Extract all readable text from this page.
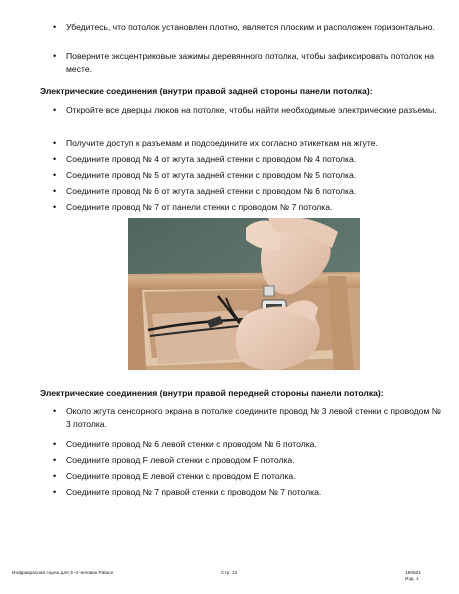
• Убедитесь, что потолок установлен плотно, является плоским и расположен горизонтально.
• Поверните эксцентриковые зажимы деревянного потолка, чтобы зафиксировать потолок на месте.
Электрические соединения (внутри правой задней стороны панели потолка):
• Откройте все дверцы люков на потолке, чтобы найти необходимые электрические разъемы.
• Получите доступ к разъемам и подсоедините их согласно этикеткам на жгуте.
• Соедините провод № 4 от жгута задней стенки с проводом № 4 потолка.
• Соедините провод № 5 от жгута задней стенки с проводом № 5 потолка.
• Соедините провод № 6 от жгута задней стенки с проводом № 6 потолка.
• Соедините провод № 7 от панели стенки с проводом № 7 потолка.
Электрические соединения (внутри правой передней стороны панели потолка):
• Около жгута сенсорного экрана в потолке соедините провод № 3 левой стенки с проводом № 3 потолка.
• Соедините провод № 6 левой стенки с проводом № 6 потолка.
• Соедините провод F левой стенки с проводом F потолка.
• Соедините провод E левой стенки с проводом E потолка.
• Соедините провод № 7 правой стенки с проводом № 7 потолка.
Инфракрасная сауна для 3–4 человек Palace	Стр. 12	180521
Изд. 1
